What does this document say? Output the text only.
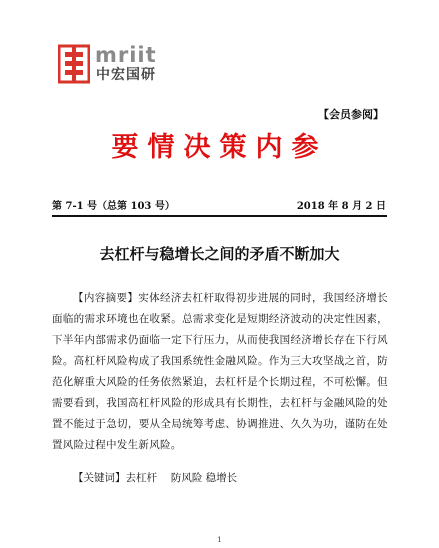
mriit
中宏国研
【会员参阅】
要情决策内参
第 7-1 号（总第 103 号）	2018 年 8 月 2 日
去杠杆与稳增长之间的矛盾不断加大
【内容摘要】实体经济去杠杆取得初步进展的同时，我国经济增长面临的需求环境也在收紧。总需求变化是短期经济波动的决定性因素，下半年内部需求仍面临一定下行压力，从而使我国经济增长存在下行风险。高杠杆风险构成了我国系统性金融风险。作为三大攻坚战之首，防范化解重大风险的任务依然紧迫，去杠杆是个长期过程，不可松懈。但需要看到，我国高杠杆风险的形成具有长期性，去杠杆与金融风险的处置不能过于急切，要从全局统筹考虑、协调推进、久久为功，谨防在处置风险过程中发生新风险。
【关键词】去杠杆　 防风险 稳增长
1
